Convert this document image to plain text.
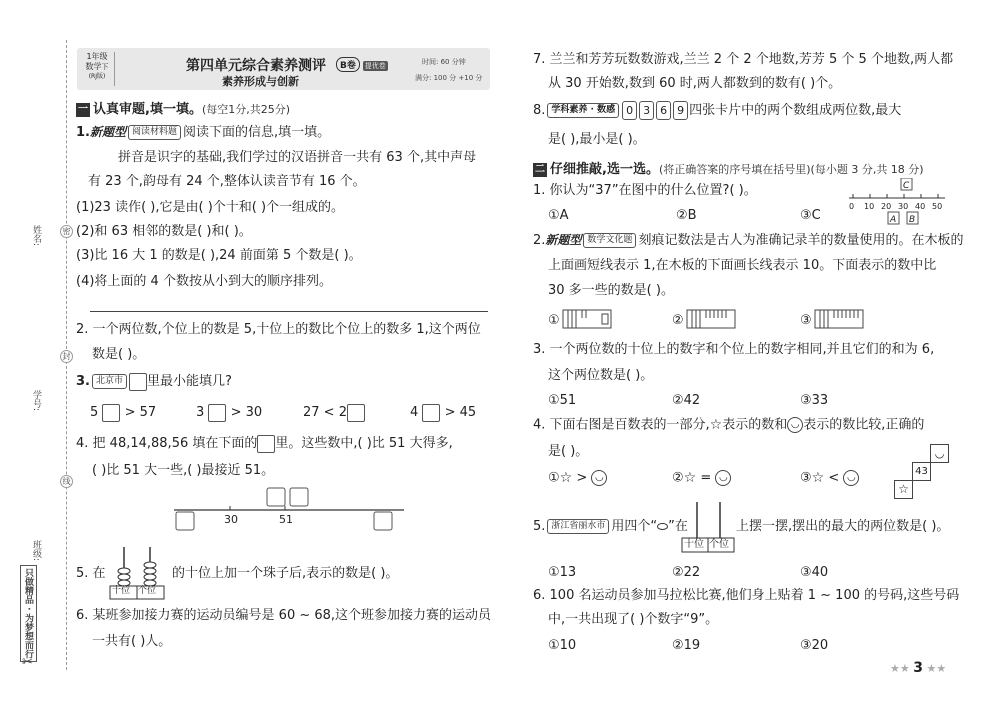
姓名:
学号:
班级:
密
封
线
只做精品 · 为梦想而行
✂
1年级
数学下
(RJ版)
第四单元综合素养测评	B卷 提优卷
素养形成与创新
时间: 60 分钟
满分: 100 分 +10 分
一 认真审题,填一填。(每空1分,共25分)
1.新题型 阅读材料题 阅读下面的信息,填一填。
拼音是识字的基础,我们学过的汉语拼音一共有 63 个,其中声母
有 23 个,韵母有 24 个,整体认读音节有 16 个。
(1)23 读作( ),它是由( )个十和( )个一组成的。
(2)和 63 相邻的数是( )和( )。
(3)比 16 大 1 的数是( ),24 前面第 5 个数是( )。
(4)将上面的 4 个数按从小到大的顺序排列。
2. 一个两位数,个位上的数是 5,十位上的数比个位上的数多 1,这个两位
数是( )。
3. 北京市 里最小能填几?
5 > 57	3 > 30	27 < 2	4 > 45
4. 把 48,14,88,56 填在下面的 里。这些数中,( )比 51 大得多,
( )比 51 大一些,( )最接近 51。
30	51
5. 在
十位 个位
的十位上加一个珠子后,表示的数是( )。
6. 某班参加接力赛的运动员编号是 60 ~ 68,这个班参加接力赛的运动员
一共有( )人。
7. 兰兰和芳芳玩数数游戏,兰兰 2 个 2 个地数,芳芳 5 个 5 个地数,两人都
从 30 开始数,数到 60 时,两人都数到的数有( )个。
8. 学科素养 · 数感 0 3 6 9 四张卡片中的两个数组成两位数,最大
是( ),最小是( )。
二 仔细推敲,选一选。(将正确答案的序号填在括号里)(每小题 3 分,共 18 分)
1. 你认为“37”在图中的什么位置?( )。
①A	②B	③C
C
A B
0 10 20 30 40 50
2.新题型 数学文化题 刻痕记数法是古人为准确记录羊的数量使用的。在木板的
上面画短线表示 1,在木板的下面画长线表示 10。下面表示的数中比
30 多一些的数是( )。
①	②	③
3. 一个两位数的十位上的数字和个位上的数字相同,并且它们的和为 6,
这个两位数是( )。
①51	②42	③33
4. 下面右图是百数表的一部分,☆表示的数和 ◡ 表示的数比较,正确的
是( )。
①☆ > ◡	②☆ = ◡	③☆ < ◡
◡
43
☆
5. 浙江省丽水市 用四个“ ”在
十位 个位
上摆一摆,摆出的最大的两位数是( )。
①13	②22	③40
6. 100 名运动员参加马拉松比赛,他们身上贴着 1 ~ 100 的号码,这些号码
中,一共出现了( )个数字“9”。
①10	②19	③20
★★ 3 ★★
